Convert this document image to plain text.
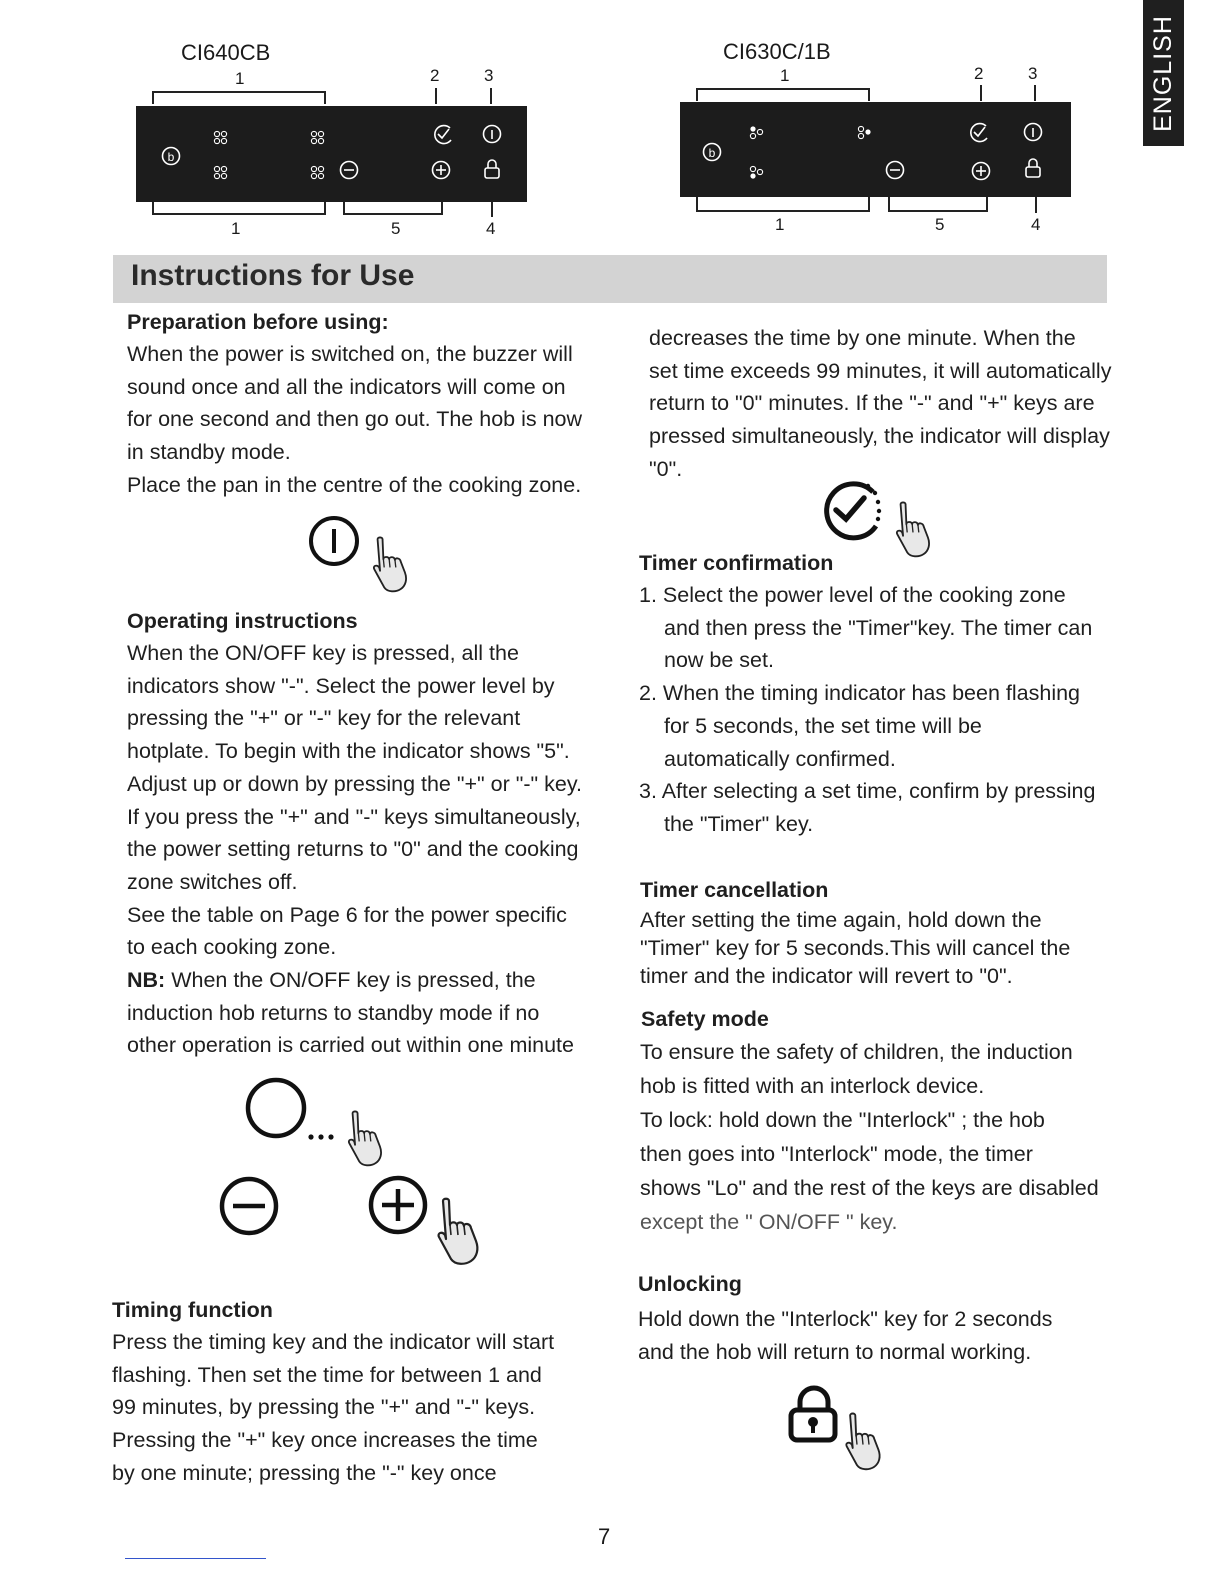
ENGLISH
CI640CB
b
1	2	3
1	5	4
CI630C/1B
b
1	2	3
1	5	4
Instructions for Use
Preparation before using:
When the power is switched on, the buzzer will
sound once and all the indicators will come on
for one second and then go out. The hob is now
in standby mode.
Place the pan in the centre of the cooking zone.
Operating instructions
When the ON/OFF key is pressed, all the
indicators show "-". Select the power level by
pressing the "+" or "-" key for the relevant
hotplate. To begin with the indicator shows "5".
Adjust up or down by pressing the "+" or "-" key.
If you press the "+" and "-" keys simultaneously,
the power setting returns to "0" and the cooking
zone switches off.
See the table on Page 6 for the power specific
to each cooking zone.
NB: When the ON/OFF key is pressed, the
induction hob returns to standby mode if no
other operation is carried out within one minute
Timing function
Press the timing key and the indicator will start
flashing. Then set the time for between 1 and
99 minutes, by pressing the "+" and "-" keys.
Pressing the "+" key once increases the time
by one minute; pressing the "-" key once
decreases the time by one minute. When the
set time exceeds 99 minutes, it will automatically
return to "0" minutes. If the "-" and "+" keys are
pressed simultaneously, the indicator will display
"0".
Timer confirmation
1. Select the power level of the cooking zone
and then press the "Timer"key. The timer can
now be set.
2. When the timing indicator has been flashing
for 5 seconds, the set time will be
automatically confirmed.
3. After selecting a set time, confirm by pressing
the "Timer" key.
Timer cancellation
After setting the time again, hold down the
"Timer" key for 5 seconds.This will cancel the
timer and the indicator will revert to "0".
Safety mode
To ensure the safety of children, the induction
hob is fitted with an interlock device.
To lock: hold down the "Interlock" ; the hob
then goes into "Interlock" mode, the timer
shows "Lo" and the rest of the keys are disabled
except the " ON/OFF " key.
Unlocking
Hold down the "Interlock" key for 2 seconds
and the hob will return to normal working.
7
